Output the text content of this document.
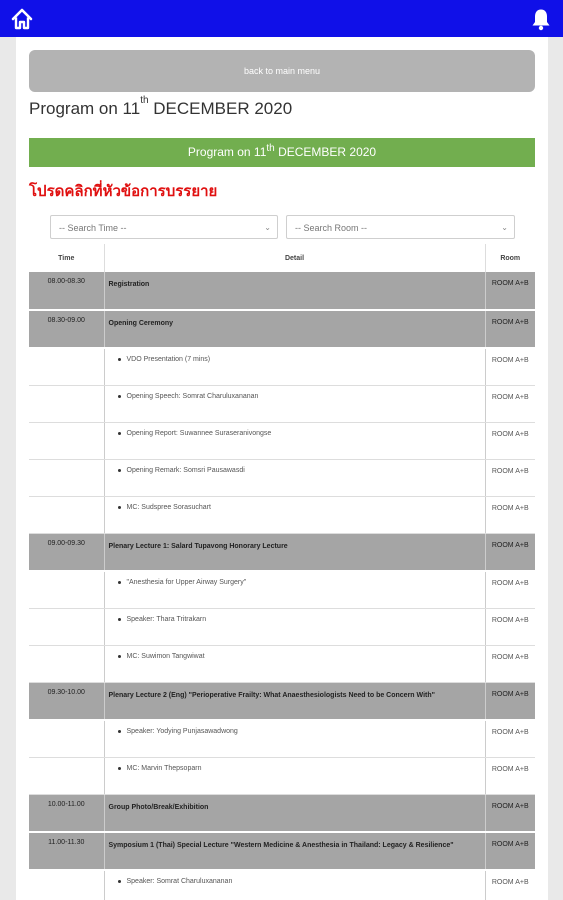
back to main menu
Program on 11th DECEMBER 2020
Program on 11th DECEMBER 2020
โปรดคลิกที่หัวข้อการบรรยาย
-- Search Time --	⌄	-- Search Room --	⌄
Time	Detail	Room
08.00-08.30	Registration	ROOM A+B
08.30-09.00	Opening Ceremony	ROOM A+B
	VDO Presentation (7 mins)	ROOM A+B
	Opening Speech: Somrat Charuluxananan	ROOM A+B
	Opening Report: Suwannee Suraseranivongse	ROOM A+B
	Opening Remark: Somsri Pausawasdi	ROOM A+B
	MC: Sudspree Sorasuchart	ROOM A+B
09.00-09.30	Plenary Lecture 1: Salard Tupavong Honorary Lecture	ROOM A+B
	"Anesthesia for Upper Airway Surgery"	ROOM A+B
	Speaker: Thara Tritrakarn	ROOM A+B
	MC: Suwimon Tangwiwat	ROOM A+B
09.30-10.00	Plenary Lecture 2 (Eng) "Perioperative Frailty: What Anaesthesiologists Need to be Concern With"	ROOM A+B
	Speaker: Yodying Punjasawadwong	ROOM A+B
	MC: Marvin Thepsoparn	ROOM A+B
10.00-11.00	Group Photo/Break/Exhibition	ROOM A+B
11.00-11.30	Symposium 1 (Thai) Special Lecture "Western Medicine & Anesthesia in Thailand: Legacy & Resilience"	ROOM A+B
	Speaker: Somrat Charuluxananan	ROOM A+B
